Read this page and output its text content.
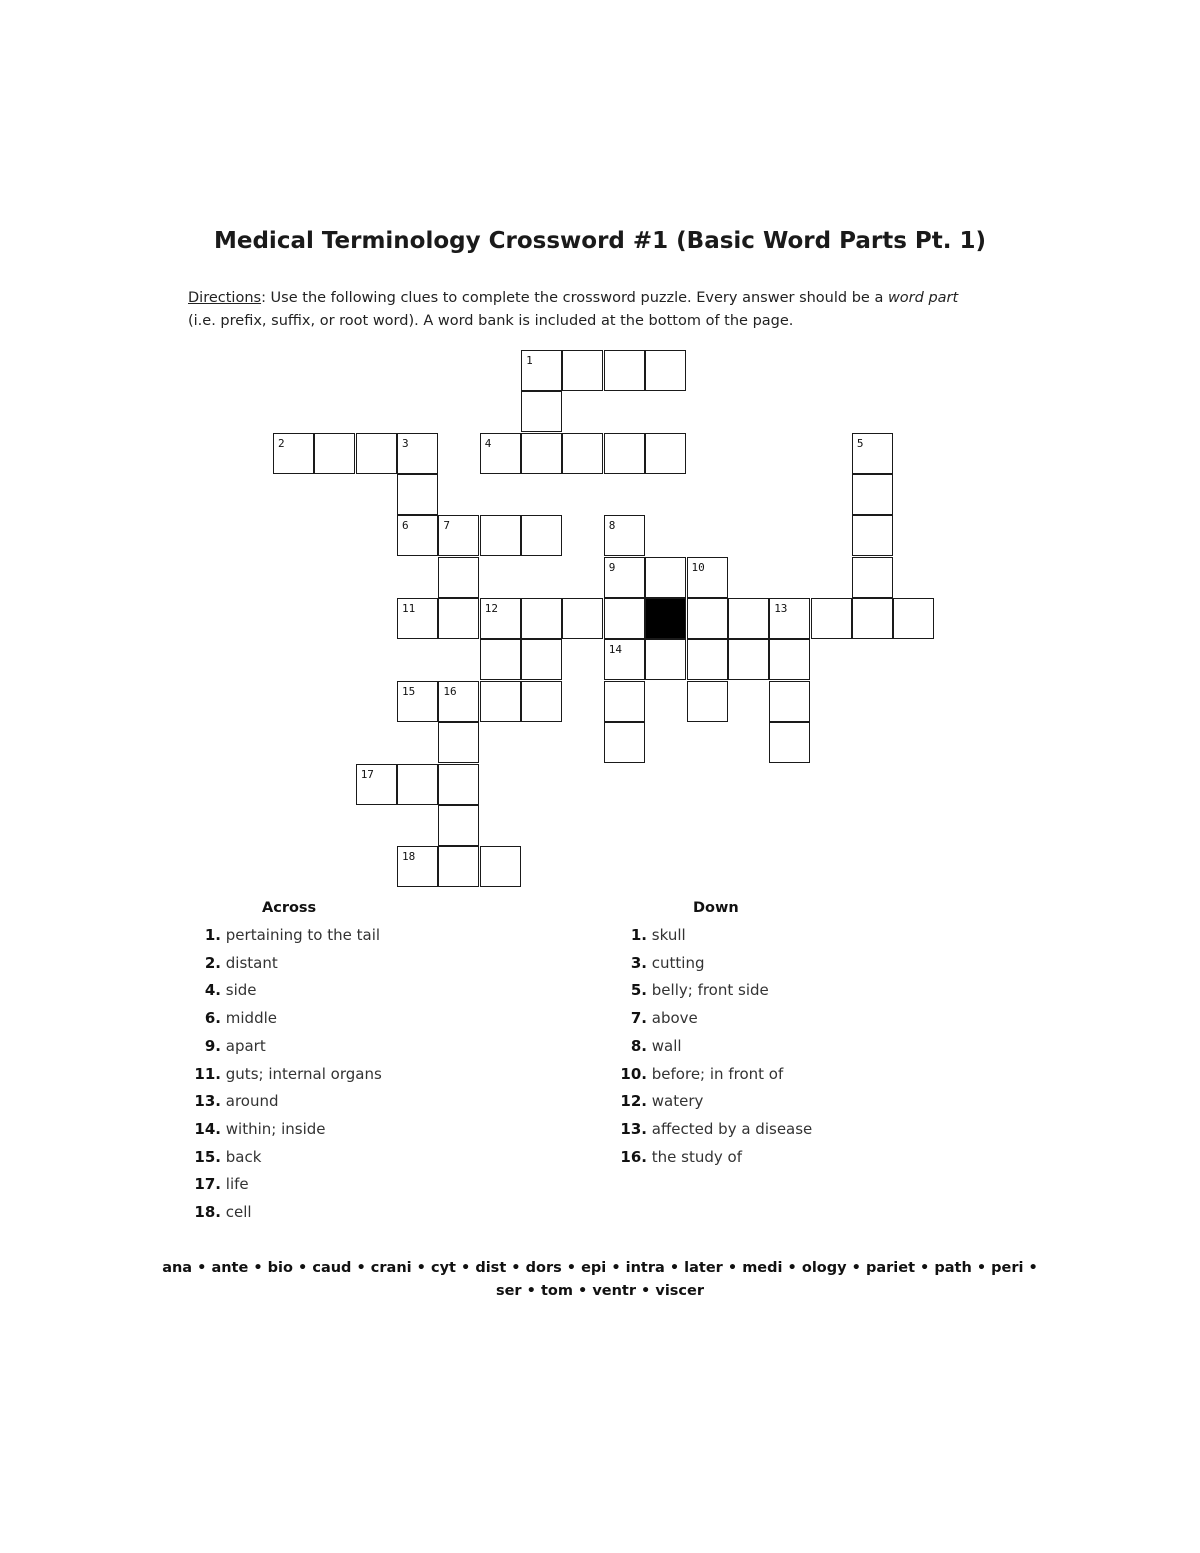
Medical Terminology Crossword #1 (Basic Word Parts Pt. 1)
Directions: Use the following clues to complete the crossword puzzle. Every answer should be a word part
(i.e. prefix, suffix, or root word). A word bank is included at the bottom of the page.
1
2	3	4	5
6	7	8
9	10
11	12	13
14
15	16
17
18
Across
1. pertaining to the tail
2. distant
4. side
6. middle
9. apart
11. guts; internal organs
13. around
14. within; inside
15. back
17. life
18. cell
Down
1. skull
3. cutting
5. belly; front side
7. above
8. wall
10. before; in front of
12. watery
13. affected by a disease
16. the study of
ana • ante • bio • caud • crani • cyt • dist • dors • epi • intra • later • medi • ology • pariet • path • peri •
ser • tom • ventr • viscer
